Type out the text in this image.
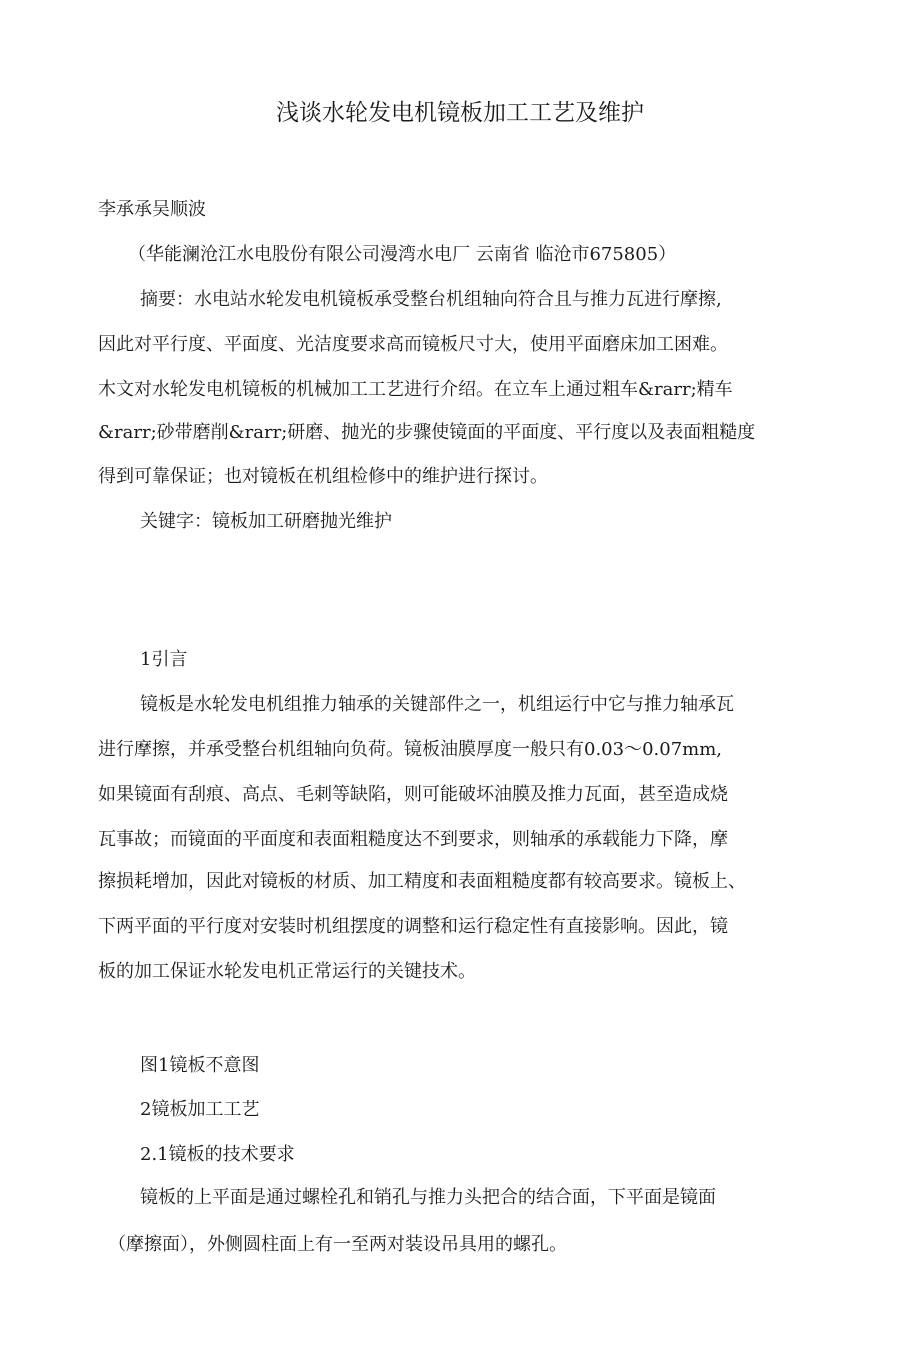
浅谈水轮发电机镜板加工工艺及维护
李承承吴顺波
（华能澜沧江水电股份有限公司漫湾水电厂 云南省 临沧市675805）
摘要：水电站水轮发电机镜板承受整台机组轴向符合且与推力瓦进行摩擦,
因此对平行度、平面度、光洁度要求高而镜板尺寸大，使用平面磨床加工困难。
木文对水轮发电机镜板的机械加工工艺进行介绍。在立车上通过粗车&rarr;精车
&rarr;砂带磨削&rarr;研磨、抛光的步骤使镜面的平面度、平行度以及表面粗糙度
得到可靠保证；也对镜板在机组检修中的维护进行探讨。
关键字：镜板加工研磨抛光维护
1引言
镜板是水轮发电机组推力轴承的关键部件之一，机组运行中它与推力轴承瓦
进行摩擦，并承受整台机组轴向负荷。镜板油膜厚度一般只有0.03～0.07mm,
如果镜面有刮痕、高点、毛刺等缺陷，则可能破坏油膜及推力瓦面，甚至造成烧
瓦事故；而镜面的平面度和表面粗糙度达不到要求，则轴承的承载能力下降，摩
擦损耗增加，因此对镜板的材质、加工精度和表面粗糙度都有较高要求。镜板上、
下两平面的平行度对安装时机组摆度的调整和运行稳定性有直接影响。因此，镜
板的加工保证水轮发电机正常运行的关键技术。
图1镜板不意图
2镜板加工工艺
2.1镜板的技术要求
镜板的上平面是通过螺栓孔和销孔与推力头把合的结合面，下平面是镜面
（摩擦面），外侧圆柱面上有一至两对装设吊具用的螺孔。
